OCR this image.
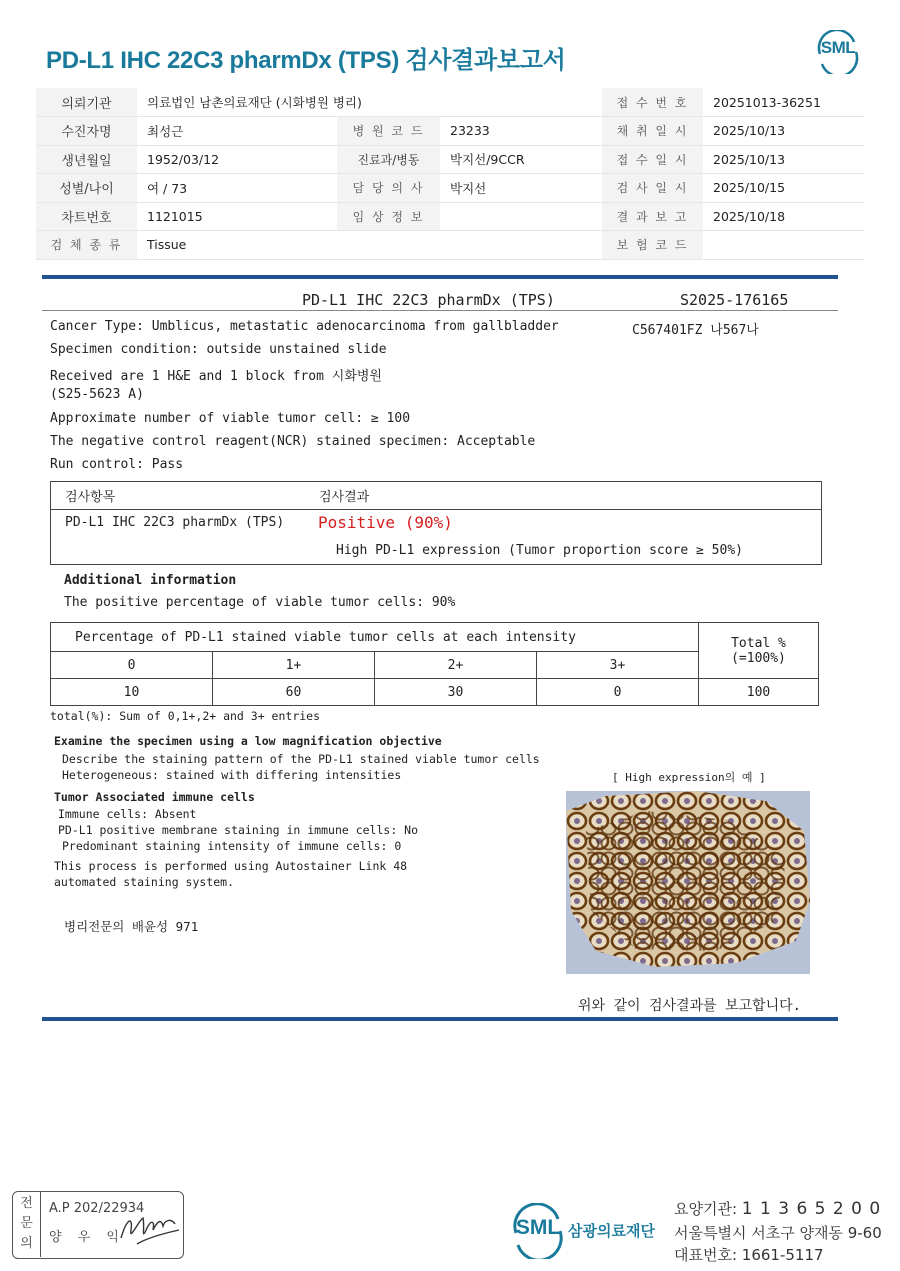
PD-L1 IHC 22C3 pharmDx (TPS) 검사결과보고서	SML
의뢰기관	의료법인 남촌의료재단 (시화병원 병리)			접 수 번 호	20251013-36251
수진자명	최성근	병 원 코 드	23233	채 취 일 시	2025/10/13
생년월일	1952/03/12	진료과/병동	박지선/9CCR	접 수 일 시	2025/10/13
성별/나이	여 / 73	담 당 의 사	박지선	검 사 일 시	2025/10/15
차트번호	1121015	임 상 정 보		결 과 보 고	2025/10/18
검 체 종 류	Tissue			보 험 코 드	
PD-L1 IHC 22C3 pharmDx (TPS)	S2025-176165
Cancer Type: Umblicus, metastatic adenocarcinoma from gallbladder	C567401FZ 나567나
Specimen condition: outside unstained slide
Received are 1 H&E and 1 block from 시화병원
(S25-5623 A)
Approximate number of viable tumor cell: ≥ 100
The negative control reagent(NCR) stained specimen: Acceptable
Run control: Pass
검사항목	검사결과
PD-L1 IHC 22C3 pharmDx (TPS) Positive (90%)
High PD-L1 expression (Tumor proportion score ≥ 50%)
Additional information
The positive percentage of viable tumor cells: 90%
Percentage of PD-L1 stained viable tumor cells at each intensity				Total %
(=100%)
0	1+	2+	3+	
10	60	30	0	100
total(%): Sum of 0,1+,2+ and 3+ entries
Examine the specimen using a low magnification objective
Describe the staining pattern of the PD-L1 stained viable tumor cells
Heterogeneous: stained with differing intensities	[ High expression의 예 ]
Tumor Associated immune cells
Immune cells: Absent
PD-L1 positive membrane staining in immune cells: No
Predominant staining intensity of immune cells: 0
This process is performed using Autostainer Link 48
automated staining system.
병리전문의 배윤성 971
위와 같이 검사결과를 보고합니다.
전
문
의
A.P 202/22934
양 우 익	SML 삼광의료재단
요양기관: 1 1 3 6 5 2 0 0
서울특별시 서초구 양재동 9-60
대표번호: 1661-5117
